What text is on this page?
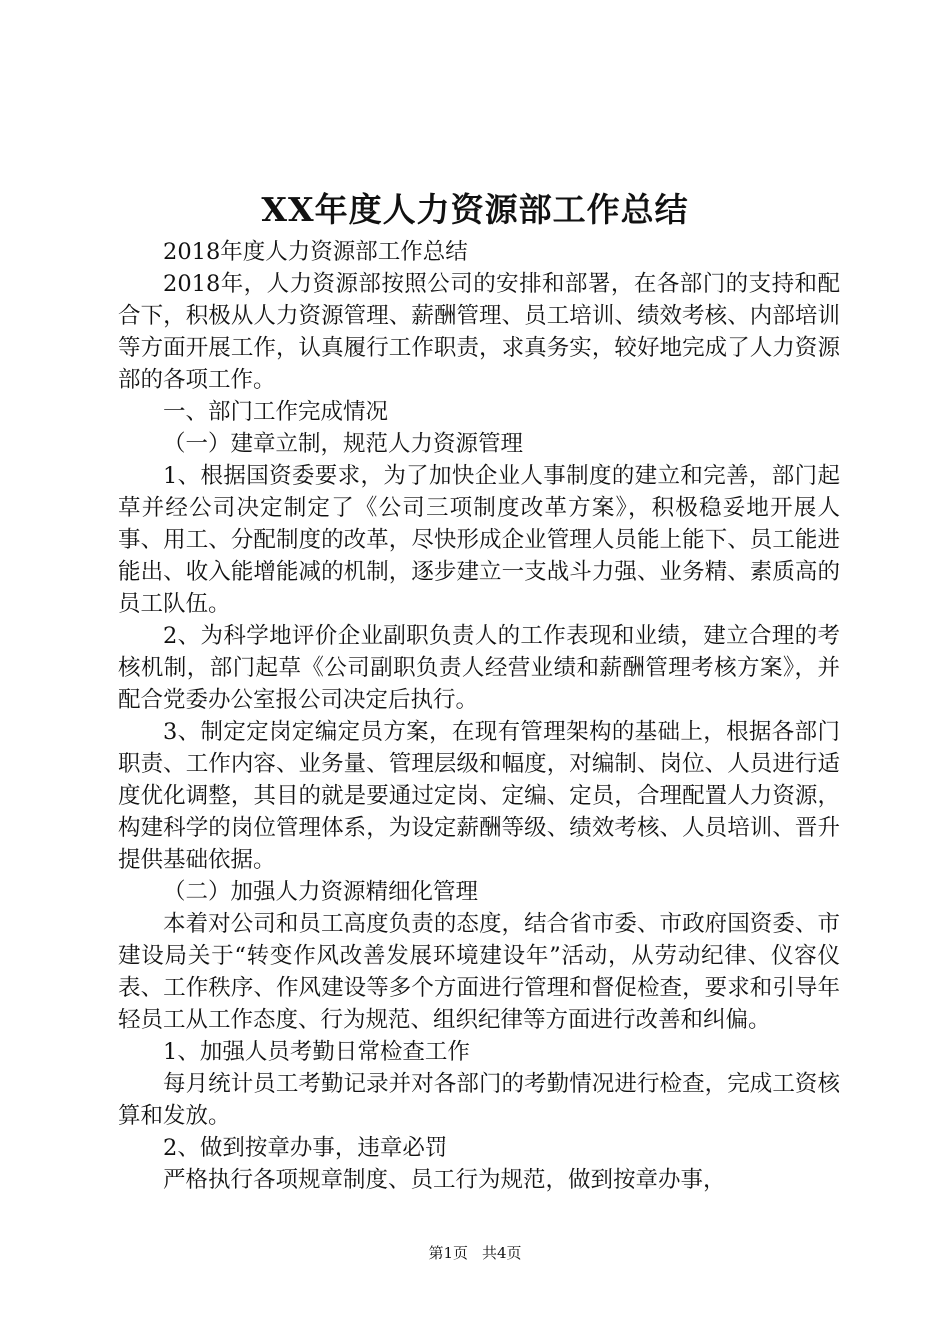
XX年度人力资源部工作总结

2018年度人力资源部工作总结

2018年，人力资源部按照公司的安排和部署，在各部门的支持和配合下，积极从人力资源管理、薪酬管理、员工培训、绩效考核、内部培训等方面开展工作，认真履行工作职责，求真务实，较好地完成了人力资源部的各项工作。

一、部门工作完成情况

（一）建章立制，规范人力资源管理

1、根据国资委要求，为了加快企业人事制度的建立和完善，部门起草并经公司决定制定了《公司三项制度改革方案》，积极稳妥地开展人事、用工、分配制度的改革，尽快形成企业管理人员能上能下、员工能进能出、收入能增能减的机制，逐步建立一支战斗力强、业务精、素质高的员工队伍。

2、为科学地评价企业副职负责人的工作表现和业绩，建立合理的考核机制，部门起草《公司副职负责人经营业绩和薪酬管理考核方案》，并配合党委办公室报公司决定后执行。

3、制定定岗定编定员方案，在现有管理架构的基础上，根据各部门职责、工作内容、业务量、管理层级和幅度，对编制、岗位、人员进行适度优化调整，其目的就是要通过定岗、定编、定员，合理配置人力资源，构建科学的岗位管理体系，为设定薪酬等级、绩效考核、人员培训、晋升提供基础依据。

（二）加强人力资源精细化管理

本着对公司和员工高度负责的态度，结合省市委、市政府国资委、市建设局关于“转变作风改善发展环境建设年”活动，从劳动纪律、仪容仪表、工作秩序、作风建设等多个方面进行管理和督促检查，要求和引导年轻员工从工作态度、行为规范、组织纪律等方面进行改善和纠偏。

1、加强人员考勤日常检查工作

每月统计员工考勤记录并对各部门的考勤情况进行检查，完成工资核算和发放。

2、做到按章办事，违章必罚

严格执行各项规章制度、员工行为规范，做到按章办事，

第1页 共4页
